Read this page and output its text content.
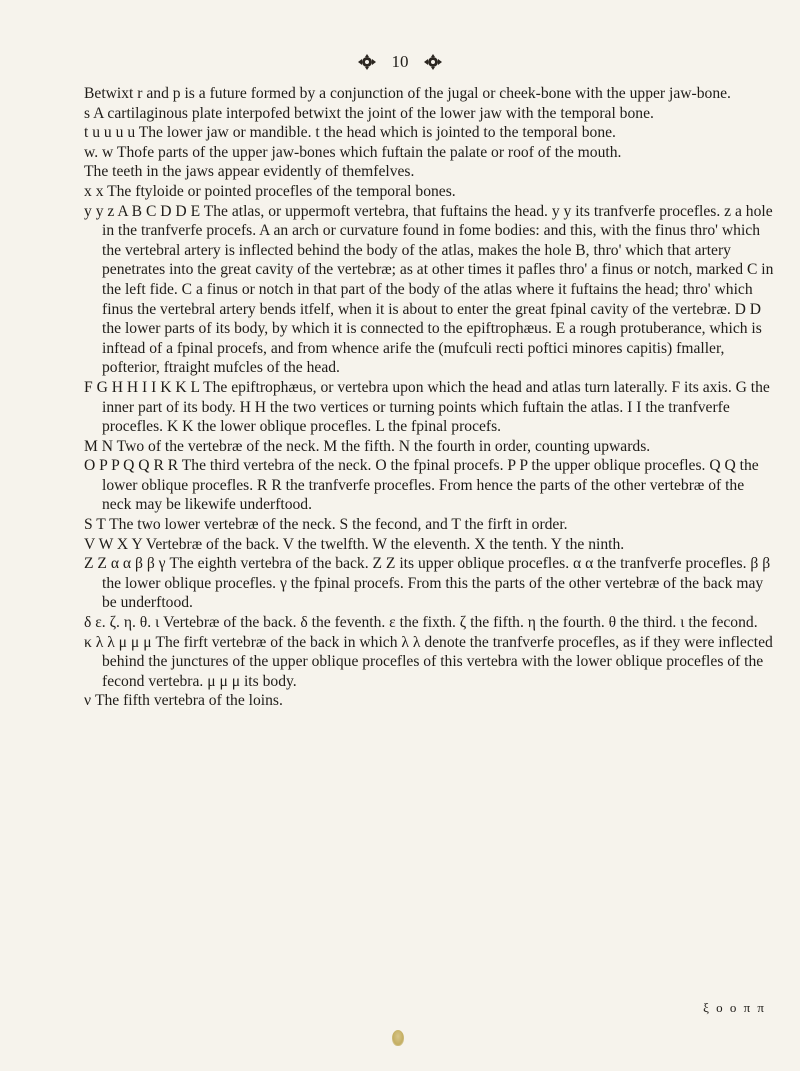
10

Betwixt r and p is a future formed by a conjunction of the jugal or cheek-bone with the upper jaw-bone.

s A cartilaginous plate interpofed betwixt the joint of the lower jaw with the temporal bone.

t u u u u The lower jaw or mandible. t the head which is jointed to the temporal bone.

w. w Thofe parts of the upper jaw-bones which fuftain the palate or roof of the mouth.

The teeth in the jaws appear evidently of themfelves.

x x The ftyloide or pointed procefles of the temporal bones.

y y z A B C D D E The atlas, or uppermoft vertebra, that fuftains the head. y y its tranfverfe procefles. z a hole in the tranfverfe procefs. A an arch or curvature found in fome bodies: and this, with the finus thro' which the vertebral artery is inflected behind the body of the atlas, makes the hole B, thro' which that artery penetrates into the great cavity of the vertebræ; as at other times it pafles thro' a finus or notch, marked C in the left fide. C a finus or notch in that part of the body of the atlas where it fuftains the head; thro' which finus the vertebral artery bends itfelf, when it is about to enter the great fpinal cavity of the vertebræ. D D the lower parts of its body, by which it is connected to the epiftrophæus. E a rough protuberance, which is inftead of a fpinal procefs, and from whence arife the (mufculi recti poftici minores capitis) fmaller, pofterior, ftraight mufcles of the head.

F G H H I I K K L The epiftrophæus, or vertebra upon which the head and atlas turn laterally. F its axis. G the inner part of its body. H H the two vertices or turning points which fuftain the atlas. I I the tranfverfe procefles. K K the lower oblique procefles. L the fpinal procefs.

M N Two of the vertebræ of the neck. M the fifth. N the fourth in order, counting upwards.

O P P Q Q R R The third vertebra of the neck. O the fpinal procefs. P P the upper oblique procefles. Q Q the lower oblique procefles. R R the tranfverfe procefles. From hence the parts of the other vertebræ of the neck may be likewife underftood.

S T The two lower vertebræ of the neck. S the fecond, and T the firft in order.

V W X Y Vertebræ of the back. V the twelfth. W the eleventh. X the tenth. Y the ninth.

Z Z α α β β γ The eighth vertebra of the back. Z Z its upper oblique procefles. α α the tranfverfe procefles. β β the lower oblique procefles. γ the fpinal procefs. From this the parts of the other vertebræ of the back may be underftood.

δ ε. ζ. η. θ. ι Vertebræ of the back. δ the feventh. ε the fixth. ζ the fifth. η the fourth. θ the third. ι the fecond.

κ λ λ μ μ μ The firft vertebræ of the back in which λ λ denote the tranfverfe procefles, as if they were inflected behind the junctures of the upper oblique procefles of this vertebra with the lower oblique procefles of the fecond vertebra. μ μ μ its body.

ν The fifth vertebra of the loins.

ξ ο ο π π
